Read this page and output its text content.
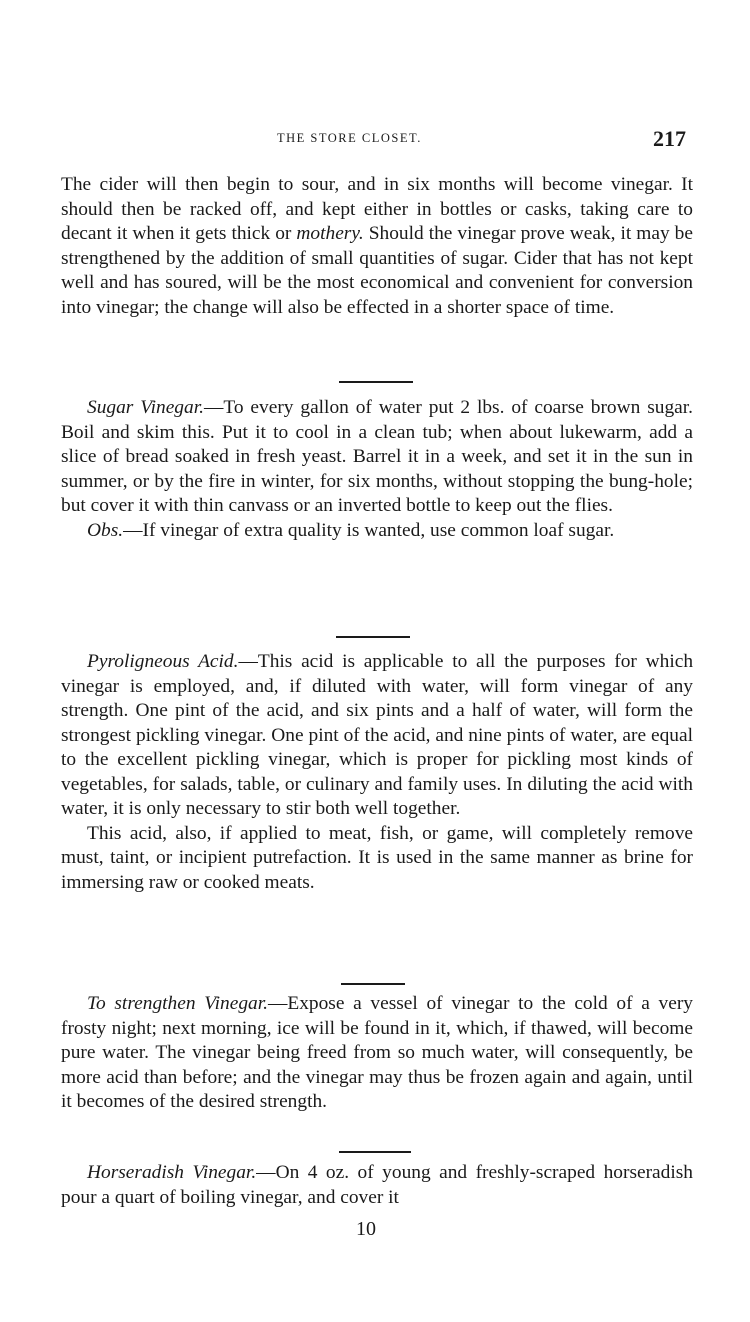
THE STORE CLOSET.	217

The cider will then begin to sour, and in six months will become vinegar. It should then be racked off, and kept either in bottles or casks, taking care to decant it when it gets thick or mothery. Should the vinegar prove weak, it may be strengthened by the addition of small quantities of sugar. Cider that has not kept well and has soured, will be the most economical and convenient for conversion into vinegar; the change will also be effected in a shorter space of time.

Sugar Vinegar.—To every gallon of water put 2 lbs. of coarse brown sugar. Boil and skim this. Put it to cool in a clean tub; when about lukewarm, add a slice of bread soaked in fresh yeast. Barrel it in a week, and set it in the sun in summer, or by the fire in winter, for six months, without stopping the bung-hole; but cover it with thin canvass or an inverted bottle to keep out the flies.

Obs.—If vinegar of extra quality is wanted, use common loaf sugar.

Pyroligneous Acid.—This acid is applicable to all the purposes for which vinegar is employed, and, if diluted with water, will form vinegar of any strength. One pint of the acid, and six pints and a half of water, will form the strongest pickling vinegar. One pint of the acid, and nine pints of water, are equal to the excellent pickling vinegar, which is proper for pickling most kinds of vegetables, for salads, table, or culinary and family uses. In diluting the acid with water, it is only necessary to stir both well together.

This acid, also, if applied to meat, fish, or game, will completely remove must, taint, or incipient putrefaction. It is used in the same manner as brine for immersing raw or cooked meats.

To strengthen Vinegar.—Expose a vessel of vinegar to the cold of a very frosty night; next morning, ice will be found in it, which, if thawed, will become pure water. The vinegar being freed from so much water, will consequently, be more acid than before; and the vinegar may thus be frozen again and again, until it becomes of the desired strength.

Horseradish Vinegar.—On 4 oz. of young and freshly-scraped horseradish pour a quart of boiling vinegar, and cover it

10
